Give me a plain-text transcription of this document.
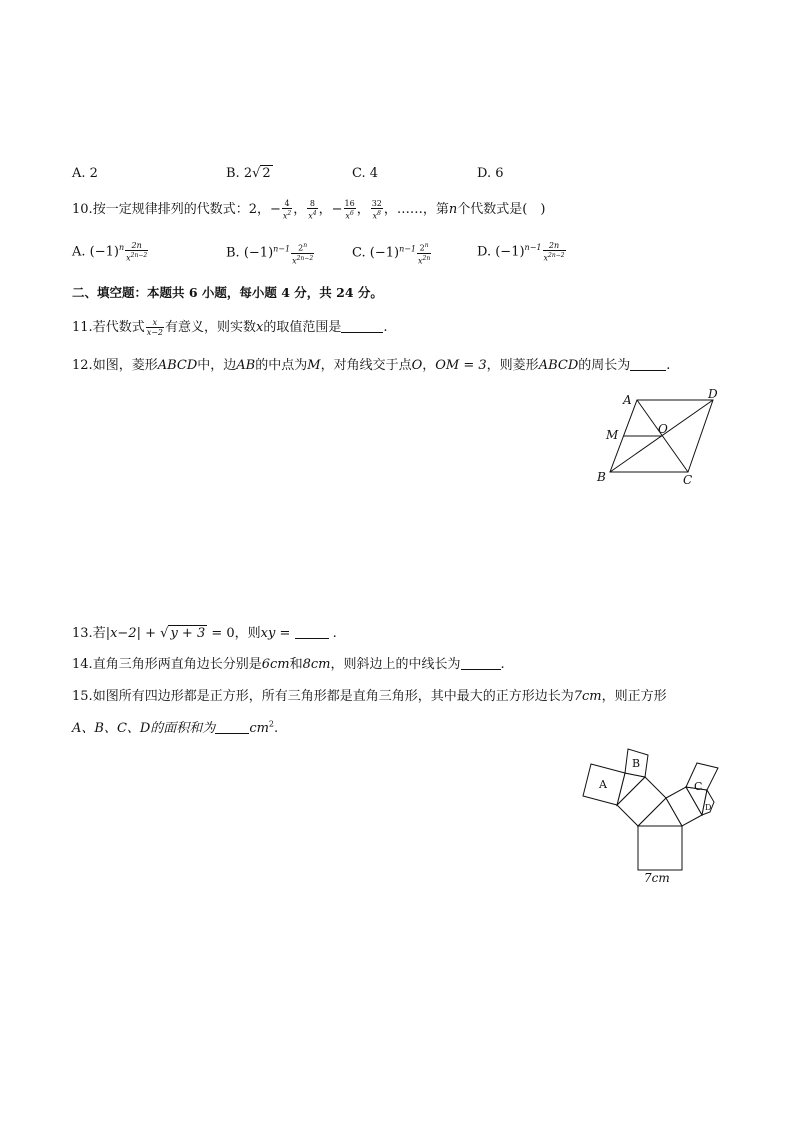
A. 2	B. 2√ 2	C. 4	D. 6
10.按一定规律排列的代数式：2，− $\frac{4}{x^2}$ ， $\frac{8}{x^4}$ ，− $\frac{16}{x^6}$ ， $\frac{32}{x^8}$ ，……，第n个代数式是(　)
A. $(-1)^n \frac{2n}{x^{2n-2}}$	B. $(-1)^{n-1} \frac{2^n}{x^{2n-2}}$	C. $(-1)^{n-1} \frac{2^n}{x^{2n}}$	D. $(-1)^{n-1} \frac{2n}{x^{2n-2}}$
二、填空题：本题共 6 小题，每小题 4 分，共 24 分。
11.若代数式 $\frac{x}{x-2}$ 有意义，则实数x的取值范围是	.
12.如图，菱形ABCD中，边AB的中点为M，对角线交于点O，OM = 3，则菱形ABCD的周长为	.
A	D
M	O
B	C
13.若|x−2| + √ y + 3 = 0，则xy =	.
14.直角三角形两直角边长分别是6cm和8cm，则斜边上的中线长为	.
15.如图所有四边形都是正方形，所有三角形都是直角三角形，其中最大的正方形边长为7cm，则正方形
A、B、C、D的面积和为	$cm^2$.
A
B
C
D
7cm
